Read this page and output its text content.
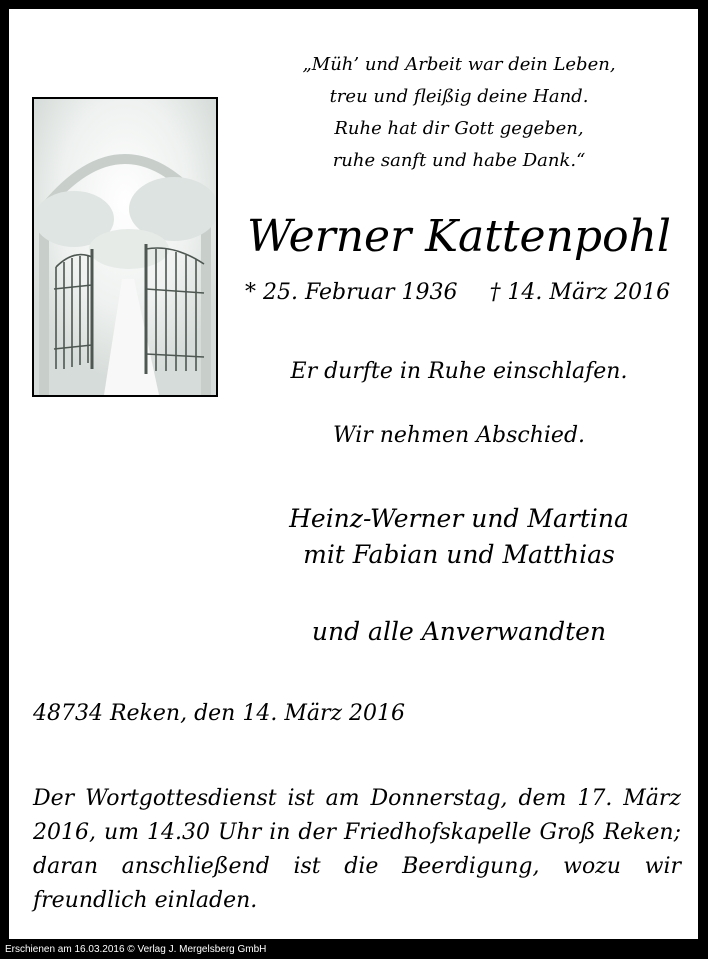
„Müh’ und Arbeit war dein Leben,
treu und fleißig deine Hand.
Ruhe hat dir Gott gegeben,
ruhe sanft und habe Dank.“
Werner Kattenpohl
* 25. Februar 1936 † 14. März 2016
Er durfte in Ruhe einschlafen.
Wir nehmen Abschied.
Heinz-Werner und Martina
mit Fabian und Matthias
und alle Anverwandten
48734 Reken, den 14. März 2016
Der Wortgottesdienst ist am Donnerstag, dem 17. März 2016, um 14.30 Uhr in der Friedhofskapelle Groß Reken; daran anschließend ist die Beerdigung, wozu wir freundlich einladen.
Erschienen am 16.03.2016 © Verlag J. Mergelsberg GmbH
